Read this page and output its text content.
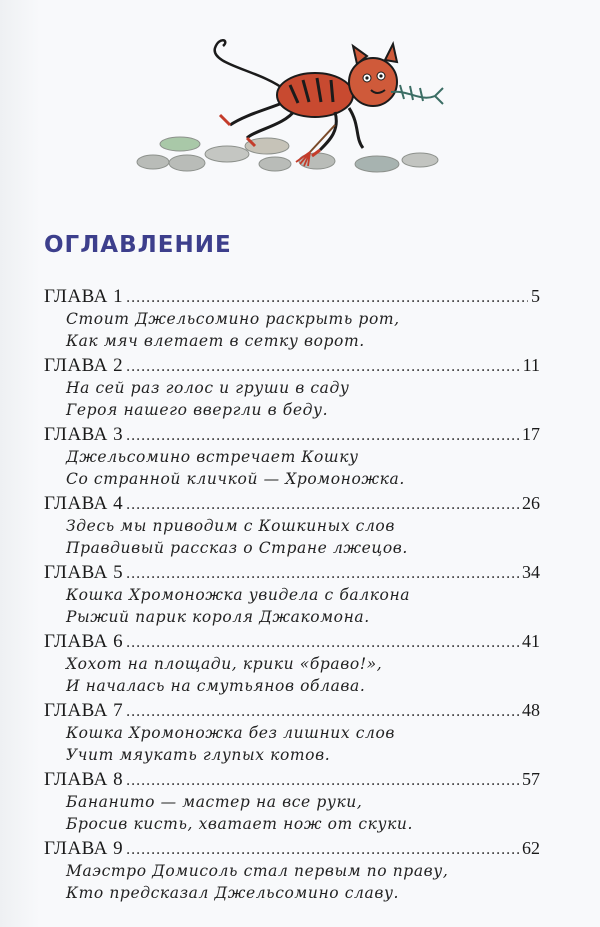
ОГЛАВЛЕНИЕ
ГЛАВА 1 .....	5
Стоит Джельсомино раскрыть рот,
Как мяч влетает в сетку ворот.
ГЛАВА 2 .....	11
На сей раз голос и груши в саду
Героя нашего ввергли в беду.
ГЛАВА 3 .....	17
Джельсомино встречает Кошку
Со странной кличкой — Хромоножка.
ГЛАВА 4 .....	26
Здесь мы приводим с Кошкиных слов
Правдивый рассказ о Стране лжецов.
ГЛАВА 5 .....	34
Кошка Хромоножка увидела с балкона
Рыжий парик короля Джакомона.
ГЛАВА 6 .....	41
Хохот на площади, крики «браво!»,
И началась на смутьянов облава.
ГЛАВА 7 .....	48
Кошка Хромоножка без лишних слов
Учит мяукать глупых котов.
ГЛАВА 8 .....	57
Бананито — мастер на все руки,
Бросив кисть, хватает нож от скуки.
ГЛАВА 9 .....	62
Маэстро Домисоль стал первым по праву,
Кто предсказал Джельсомино славу.
